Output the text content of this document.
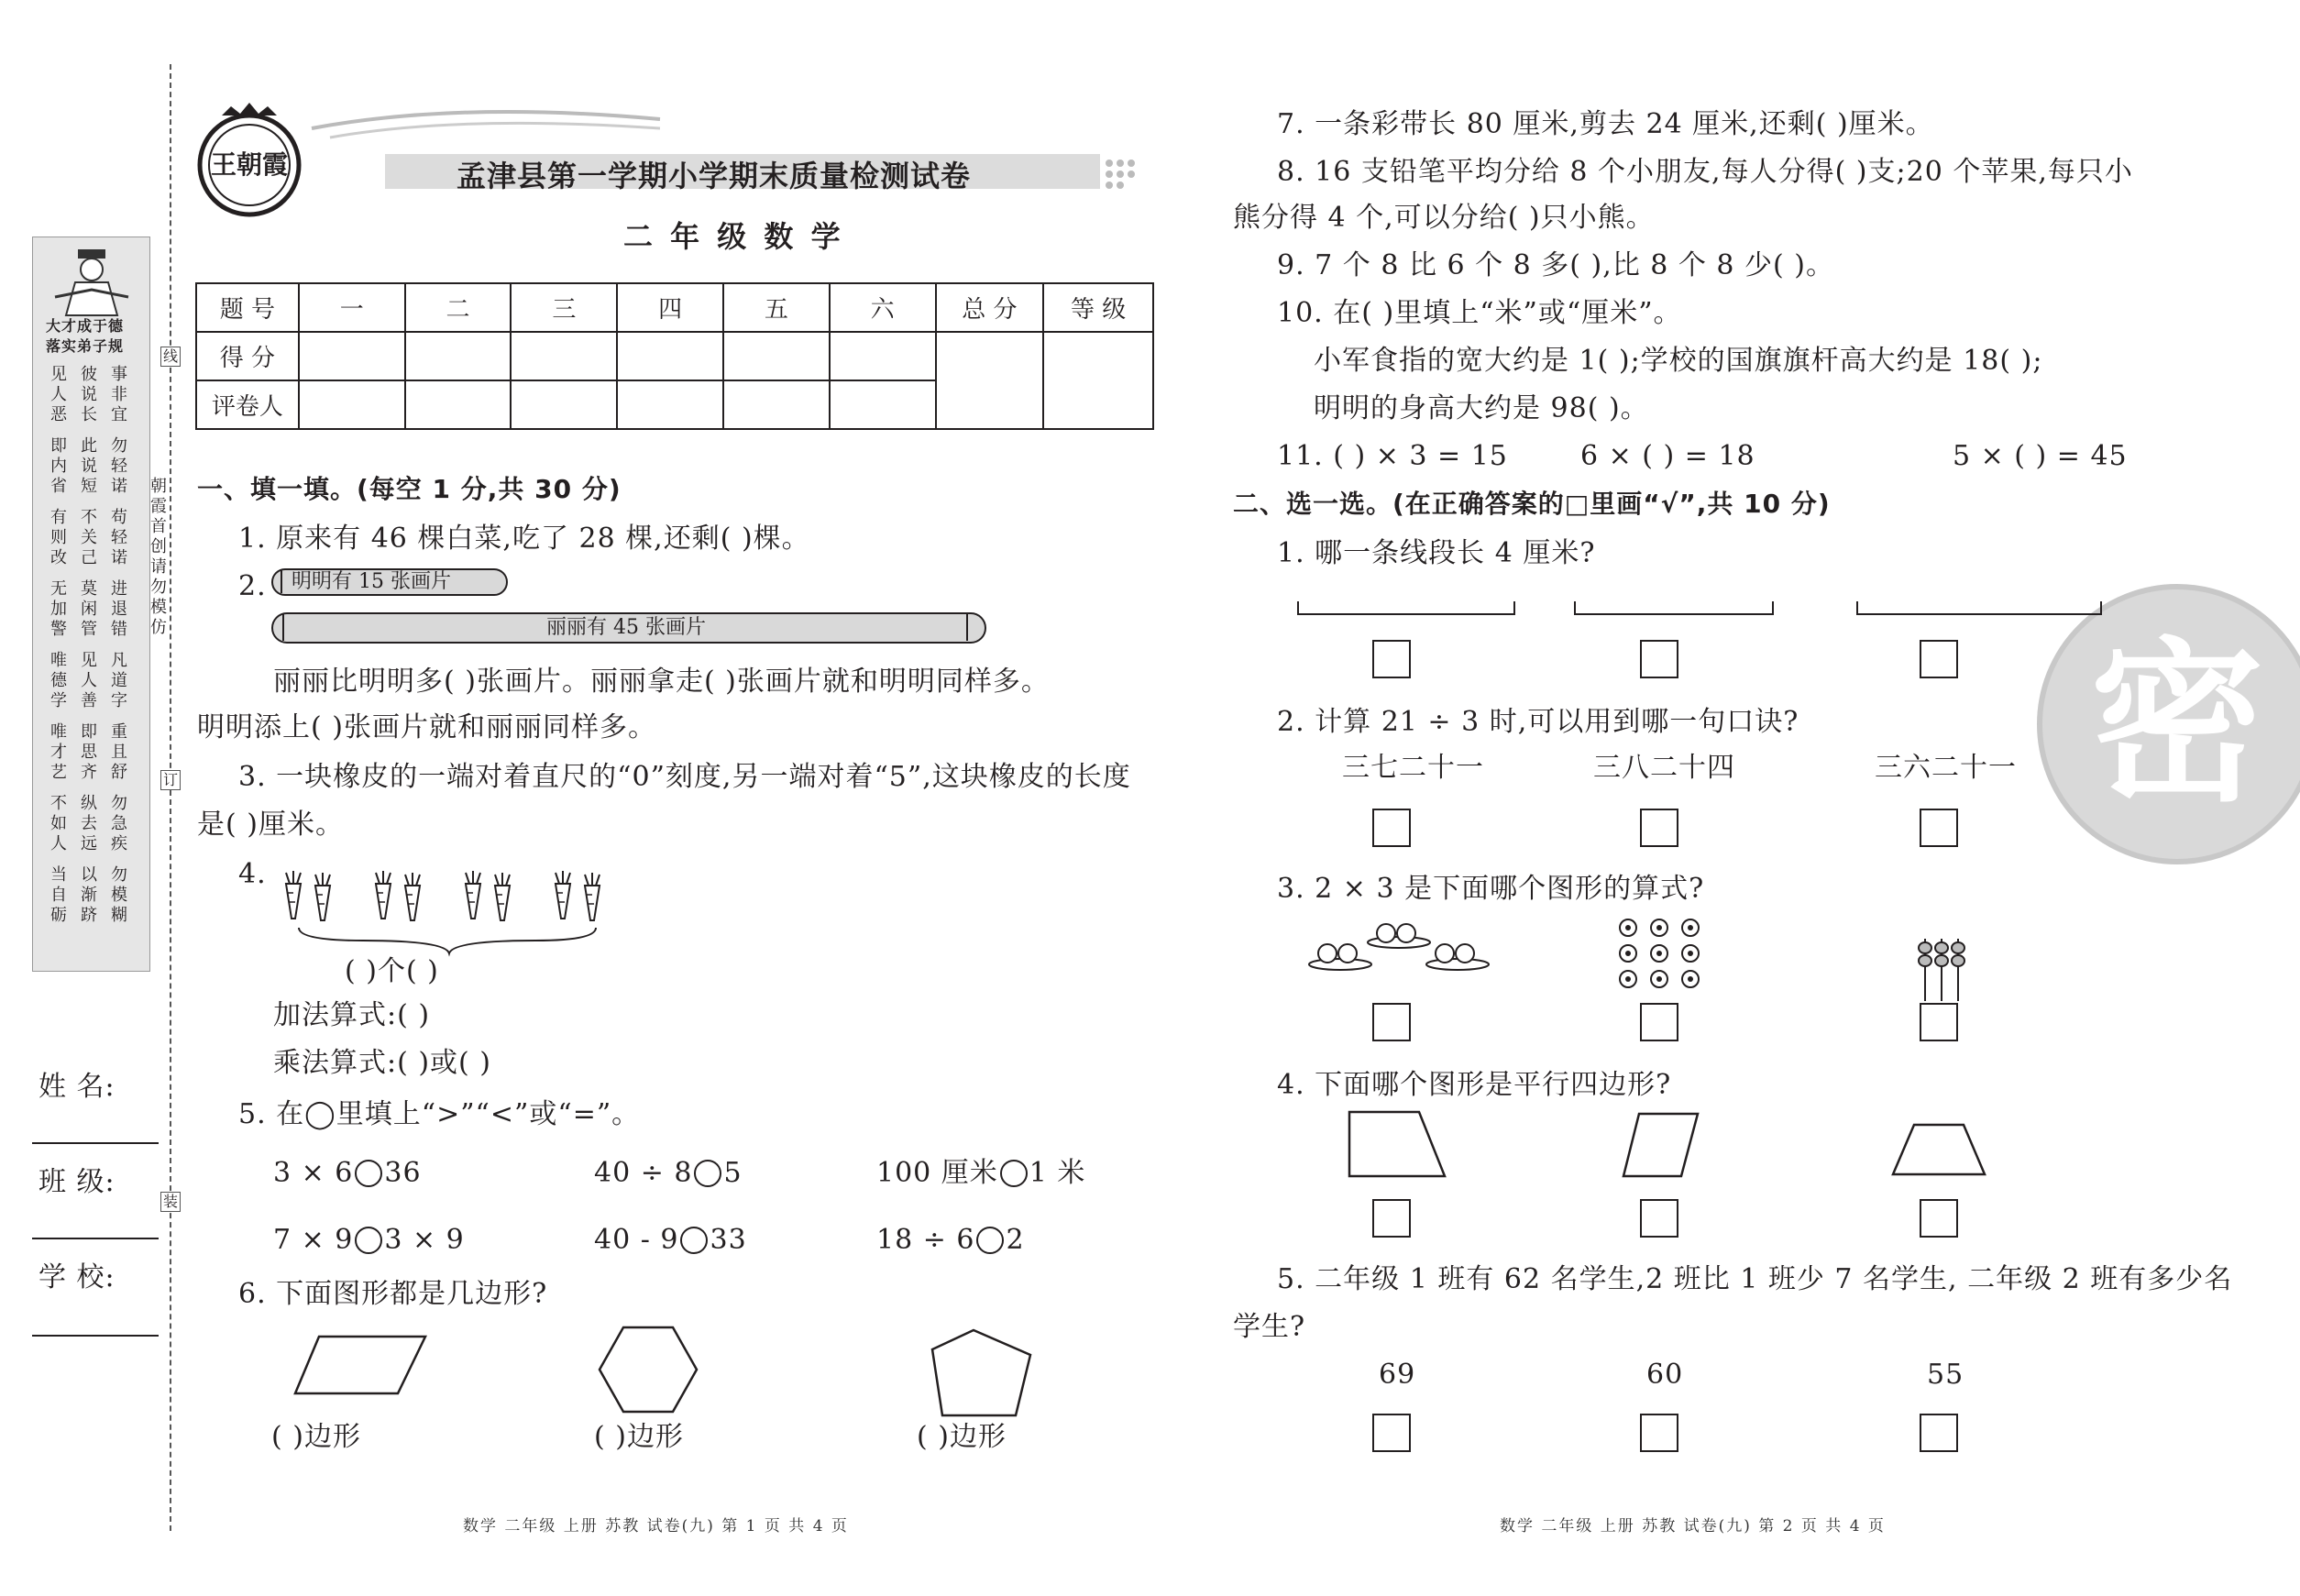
大才成于德
落实弟子规
见人恶
彼说长
事非宜
即内省
此说短
勿轻诺
有则改
不关己
苟轻诺
无加警
莫闲管
进退错
唯德学
见人善
凡道字
唯才艺
即思齐
重且舒
不如人
纵去远
勿急疾
当自砺
以渐跻
勿模糊
姓 名:
班 级:
学 校:
线
朝霞首创 请勿模仿
订
装
王朝霞	孟津县第一学期小学期末质量检测试卷
二 年 级 数 学
题 号	一	二	三	四	五	六	总 分	等 级
得 分								
评卷人								
一、填一填。(每空 1 分,共 30 分)
1. 原来有 46 棵白菜,吃了 28 棵,还剩( )棵。
2. 明明有 15 张画片
丽丽有 45 张画片
丽丽比明明多( )张画片。丽丽拿走( )张画片就和明明同样多。
明明添上( )张画片就和丽丽同样多。
3. 一块橡皮的一端对着直尺的“0”刻度,另一端对着“5”,这块橡皮的长度
是( )厘米。
4.
( )个( )
加法算式:( )
乘法算式:( )或( )
5. 在◯里填上“>”“<”或“=”。
3 × 6 36	40 ÷ 8 5	100 厘米 1 米
7 × 9 3 × 9	40 - 9 33	18 ÷ 6 2
6. 下面图形都是几边形?
( )边形	( )边形	( )边形
数学 二年级 上册 苏教 试卷(九) 第 1 页 共 4 页
密
7. 一条彩带长 80 厘米,剪去 24 厘米,还剩( )厘米。
8. 16 支铅笔平均分给 8 个小朋友,每人分得( )支;20 个苹果,每只小
熊分得 4 个,可以分给( )只小熊。
9. 7 个 8 比 6 个 8 多( ),比 8 个 8 少( )。
10. 在( )里填上“米”或“厘米”。
小军食指的宽大约是 1( );学校的国旗旗杆高大约是 18( );
明明的身高大约是 98( )。
11. ( ) × 3 = 15	6 × ( ) = 18	5 × ( ) = 45
二、选一选。(在正确答案的□里画“√”,共 10 分)
1. 哪一条线段长 4 厘米?
2. 计算 21 ÷ 3 时,可以用到哪一句口诀?
三七二十一	三八二十四	三六二十一
3. 2 × 3 是下面哪个图形的算式?
4. 下面哪个图形是平行四边形?
5. 二年级 1 班有 62 名学生,2 班比 1 班少 7 名学生, 二年级 2 班有多少名
学生?
69	60	55
数学 二年级 上册 苏教 试卷(九) 第 2 页 共 4 页
